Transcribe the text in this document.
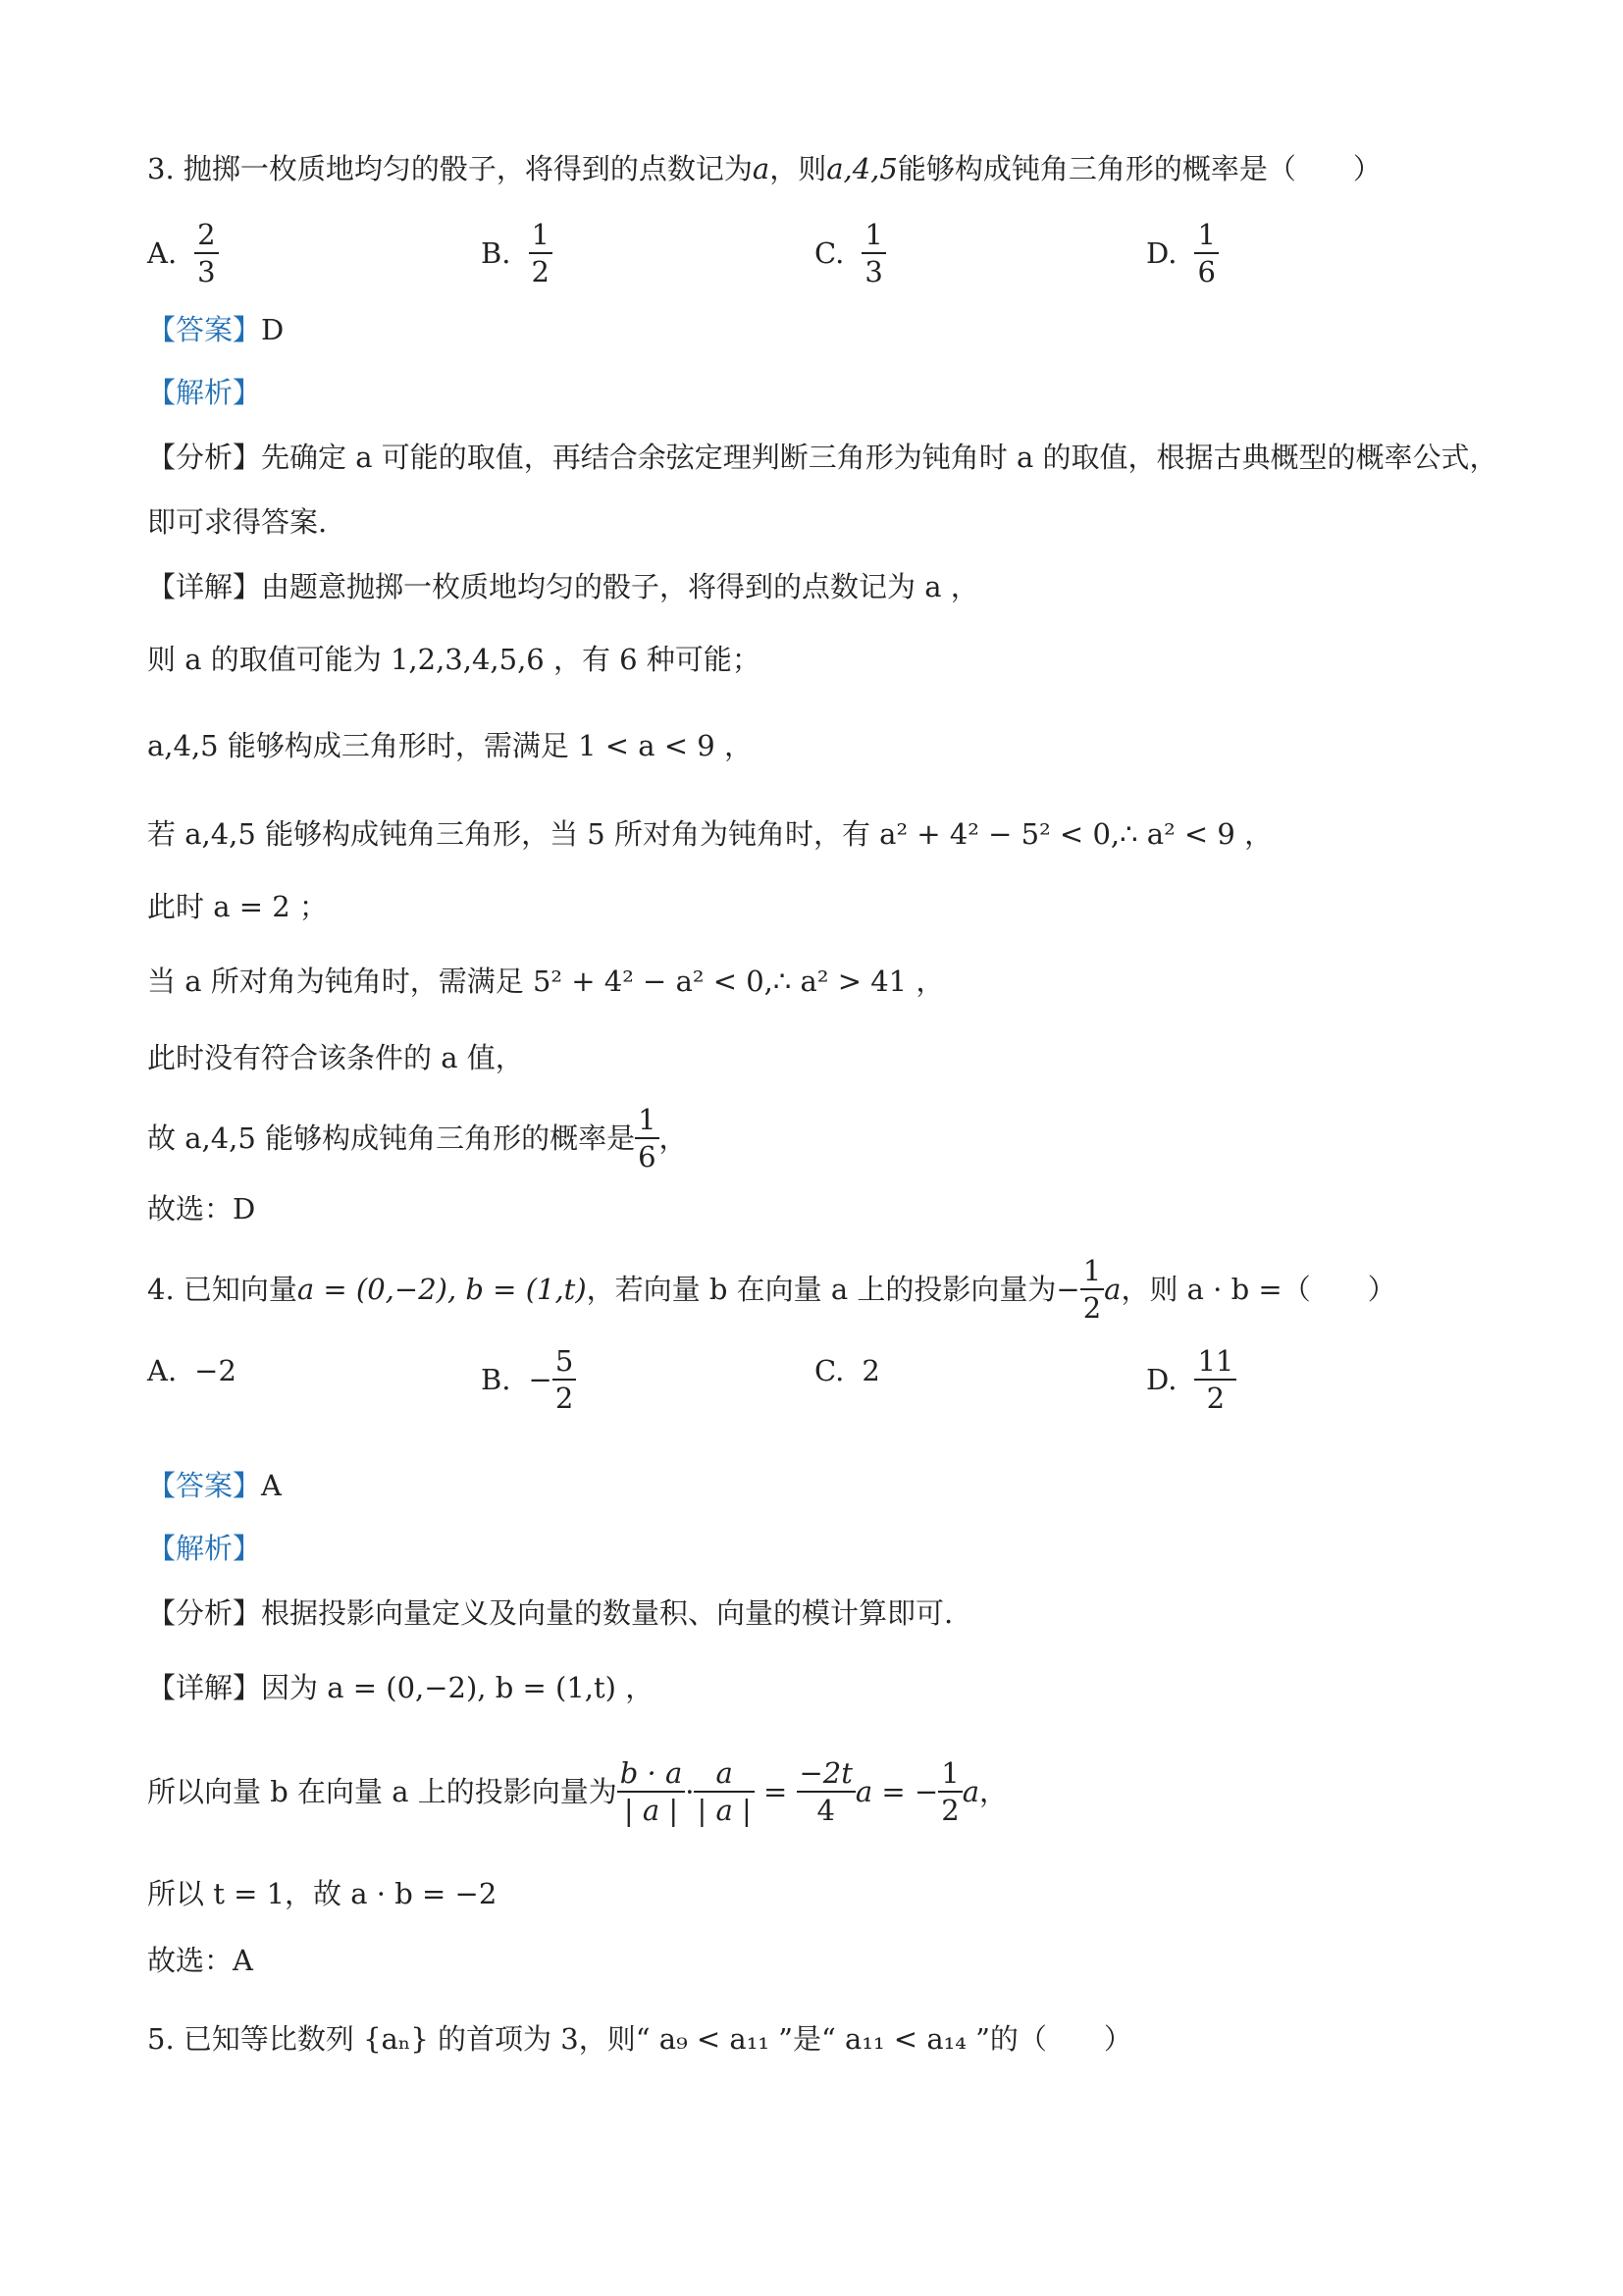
3. 抛掷一枚质地均匀的骰子，将得到的点数记为a，则a,4,5能够构成钝角三角形的概率是（　　）
A. $\frac{2}{3}$	B. $\frac{1}{2}$	C. $\frac{1}{3}$	D. $\frac{1}{6}$
【答案】D
【解析】
【分析】先确定 a 可能的取值，再结合余弦定理判断三角形为钝角时 a 的取值，根据古典概型的概率公式，
即可求得答案.
【详解】由题意抛掷一枚质地均匀的骰子，将得到的点数记为 a ，
则 a 的取值可能为 1,2,3,4,5,6 ，有 6 种可能；
a,4,5 能够构成三角形时，需满足 1 < a < 9 ，
若 a,4,5 能够构成钝角三角形，当 5 所对角为钝角时，有 a² + 4² − 5² < 0,∴ a² < 9 ，
此时 a = 2 ；
当 a 所对角为钝角时，需满足 5² + 4² − a² < 0,∴ a² > 41 ，
此时没有符合该条件的 a 值，
故 a,4,5 能够构成钝角三角形的概率是 $\frac{1}{6}$ ，
故选：D
4. 已知向量 a = (0,−2), b = (1,t) ，若向量 b 在向量 a 上的投影向量为 − $\frac{1}{2}$ a ，则 a · b =（　　）
A. −2	B. − $\frac{5}{2}$	C. 2	D. $\frac{11}{2}$
【答案】A
【解析】
【分析】根据投影向量定义及向量的数量积、向量的模计算即可.
【详解】因为 a = (0,−2), b = (1,t) ，
所以向量 b 在向量 a 上的投影向量为 $\frac{b \cdot a}{| a |} \cdot \frac{a}{| a |} = \frac{-2t}{4}$ a = − $\frac{1}{2}$ a ，
所以 t = 1，故 a · b = −2
故选：A
5. 已知等比数列 {aₙ} 的首项为 3，则“ a₉ < a₁₁ ”是“ a₁₁ < a₁₄ ”的（　　）
